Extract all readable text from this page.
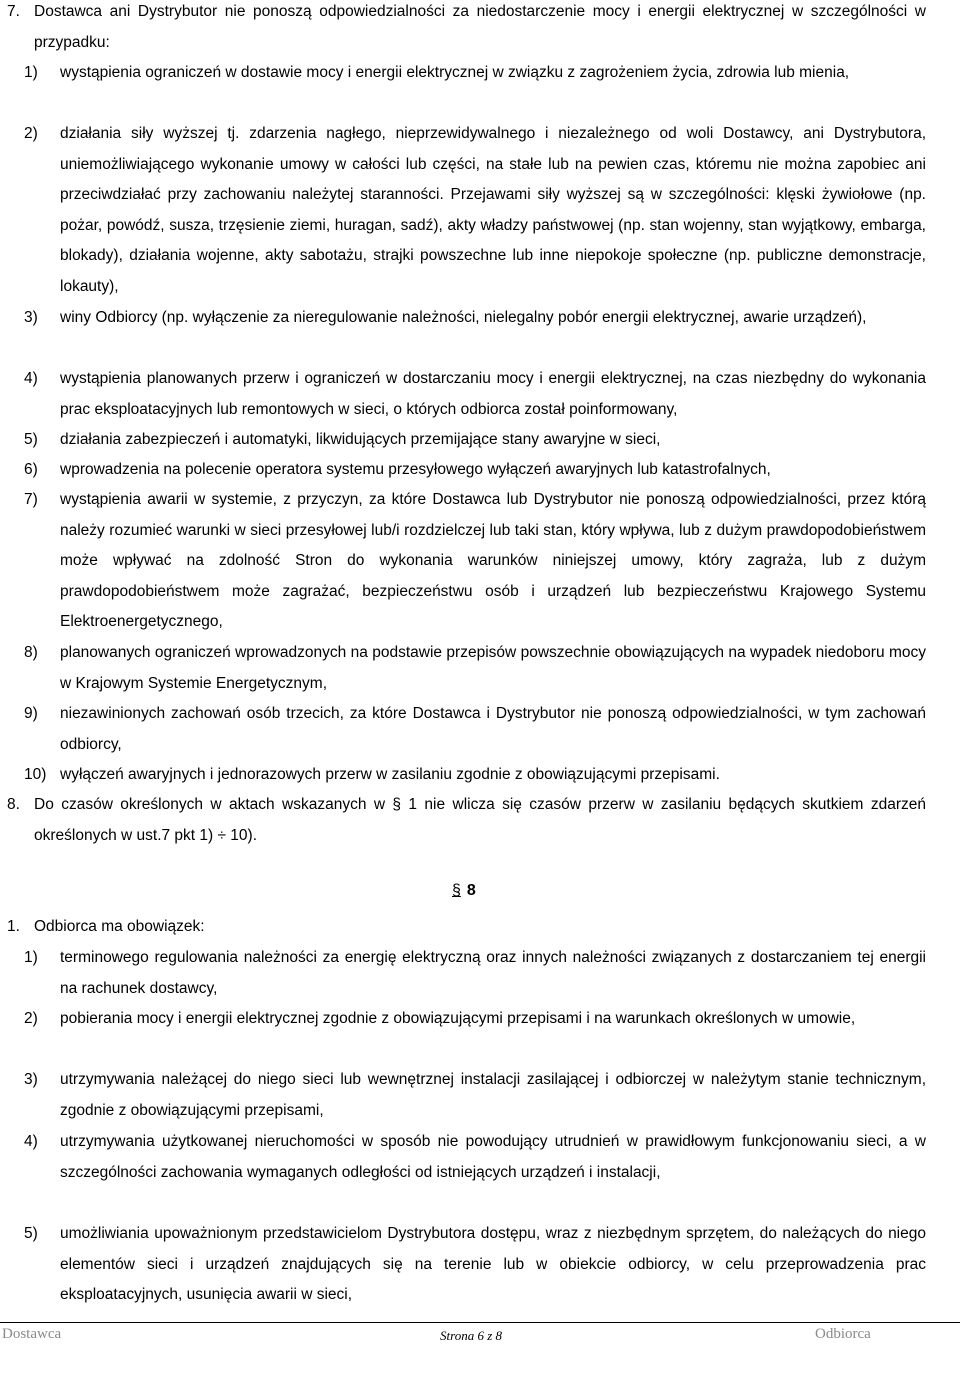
7. Dostawca ani Dystrybutor nie ponoszą odpowiedzialności za niedostarczenie mocy i energii elektrycznej w szczególności w przypadku:
1) wystąpienia ograniczeń w dostawie mocy i energii elektrycznej w związku z zagrożeniem życia, zdrowia lub mienia,
2) działania siły wyższej tj. zdarzenia nagłego, nieprzewidywalnego i niezależnego od woli Dostawcy, ani Dystrybutora, uniemożliwiającego wykonanie umowy w całości lub części, na stałe lub na pewien czas, któremu nie można zapobiec ani przeciwdziałać przy zachowaniu należytej staranności. Przejawami siły wyższej są w szczególności: klęski żywiołowe (np. pożar, powódź, susza, trzęsienie ziemi, huragan, sadź), akty władzy państwowej (np. stan wojenny, stan wyjątkowy, embarga, blokady), działania wojenne, akty sabotażu, strajki powszechne lub inne niepokoje społeczne (np. publiczne demonstracje, lokauty),
3) winy Odbiorcy (np. wyłączenie za nieregulowanie należności, nielegalny pobór energii elektrycznej, awarie urządzeń),
4) wystąpienia planowanych przerw i ograniczeń w dostarczaniu mocy i energii elektrycznej, na czas niezbędny do wykonania prac eksploatacyjnych lub remontowych w sieci, o których odbiorca został poinformowany,
5) działania zabezpieczeń i automatyki, likwidujących przemijające stany awaryjne w sieci,
6) wprowadzenia na polecenie operatora systemu przesyłowego wyłączeń awaryjnych lub katastrofalnych,
7) wystąpienia awarii w systemie, z przyczyn, za które Dostawca lub Dystrybutor nie ponoszą odpowiedzialności, przez którą należy rozumieć warunki w sieci przesyłowej lub/i rozdzielczej lub taki stan, który wpływa, lub z dużym prawdopodobieństwem może wpływać na zdolność Stron do wykonania warunków niniejszej umowy, który zagraża, lub z dużym prawdopodobieństwem może zagrażać, bezpieczeństwu osób i urządzeń lub bezpieczeństwu Krajowego Systemu Elektroenergetycznego,
8) planowanych ograniczeń wprowadzonych na podstawie przepisów powszechnie obowiązujących na wypadek niedoboru mocy w Krajowym Systemie Energetycznym,
9) niezawinionych zachowań osób trzecich, za które Dostawca i Dystrybutor nie ponoszą odpowiedzialności, w tym zachowań odbiorcy,
10) wyłączeń awaryjnych i jednorazowych przerw w zasilaniu zgodnie z obowiązującymi przepisami.
8. Do czasów określonych w aktach wskazanych w § 1 nie wlicza się czasów przerw w zasilaniu będących skutkiem zdarzeń określonych w ust.7 pkt 1) ÷ 10).
§ 8
1. Odbiorca ma obowiązek:
1) terminowego regulowania należności za energię elektryczną oraz innych należności związanych z dostarczaniem tej energii na rachunek dostawcy,
2) pobierania mocy i energii elektrycznej zgodnie z obowiązującymi przepisami i na warunkach określonych w umowie,
3) utrzymywania należącej do niego sieci lub wewnętrznej instalacji zasilającej i odbiorczej w należytym stanie technicznym, zgodnie z obowiązującymi przepisami,
4) utrzymywania użytkowanej nieruchomości w sposób nie powodujący utrudnień w prawidłowym funkcjonowaniu sieci, a w szczególności zachowania wymaganych odległości od istniejących urządzeń i instalacji,
5) umożliwiania upoważnionym przedstawicielom Dystrybutora dostępu, wraz z niezbędnym sprzętem, do należących do niego elementów sieci i urządzeń znajdujących się na terenie lub w obiekcie odbiorcy, w celu przeprowadzenia prac eksploatacyjnych, usunięcia awarii w sieci,
Dostawca	Strona 6 z 8	Odbiorca
